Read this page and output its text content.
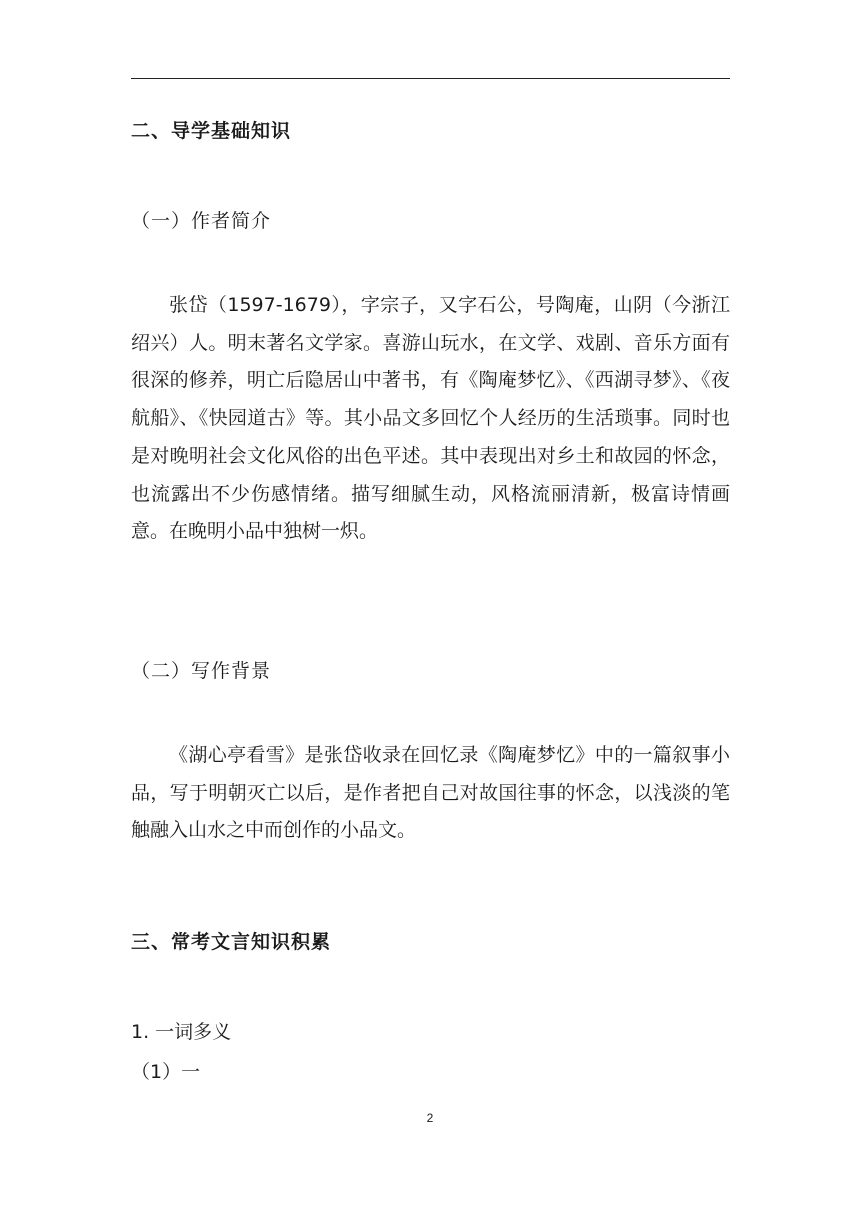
二、导学基础知识
（一）作者简介

张岱（1597-1679），字宗子，又字石公，号陶庵，山阴（今浙江绍兴）人。明末著名文学家。喜游山玩水，在文学、戏剧、音乐方面有很深的修养，明亡后隐居山中著书，有《陶庵梦忆》、《西湖寻梦》、《夜航船》、《快园道古》等。其小品文多回忆个人经历的生活琐事。同时也是对晚明社会文化风俗的出色平述。其中表现出对乡土和故园的怀念，也流露出不少伤感情绪。描写细腻生动，风格流丽清新，极富诗情画意。在晚明小品中独树一炽。

（二）写作背景

《湖心亭看雪》是张岱收录在回忆录《陶庵梦忆》中的一篇叙事小品，写于明朝灭亡以后，是作者把自己对故国往事的怀念，以浅淡的笔触融入山水之中而创作的小品文。

三、常考文言知识积累
1. 一词多义
（1）一
2
